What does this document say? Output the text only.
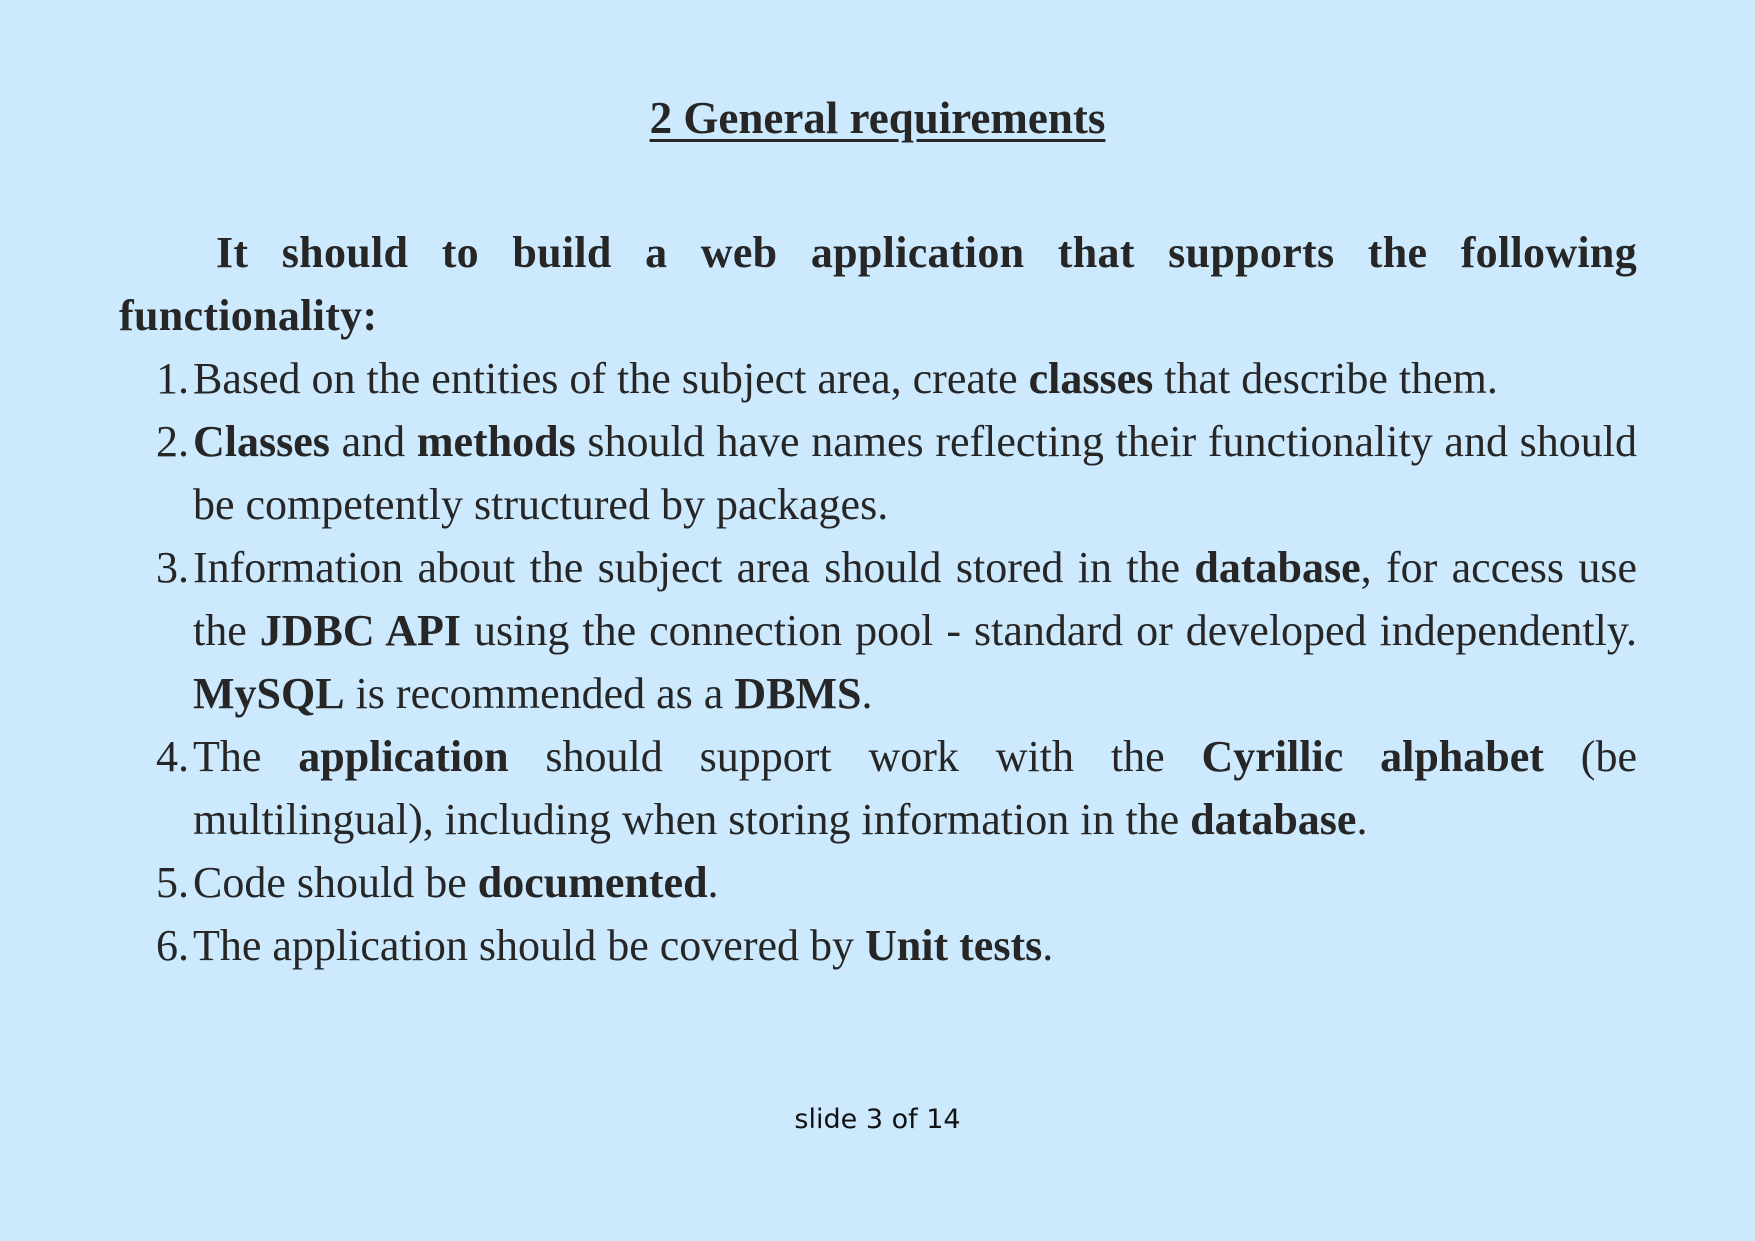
2 General requirements

It should to build a web application that supports the following functionality:

1. Based on the entities of the subject area, create classes that describe them.
2. Classes and methods should have names reflecting their functionality and should be competently structured by packages.
3. Information about the subject area should stored in the database, for access use the JDBC API using the connection pool - standard or developed independently. MySQL is recommended as a DBMS.
4. The application should support work with the Cyrillic alphabet (be multilingual), including when storing information in the database.
5. Code should be documented.
6. The application should be covered by Unit tests.
slide 3 of 14
